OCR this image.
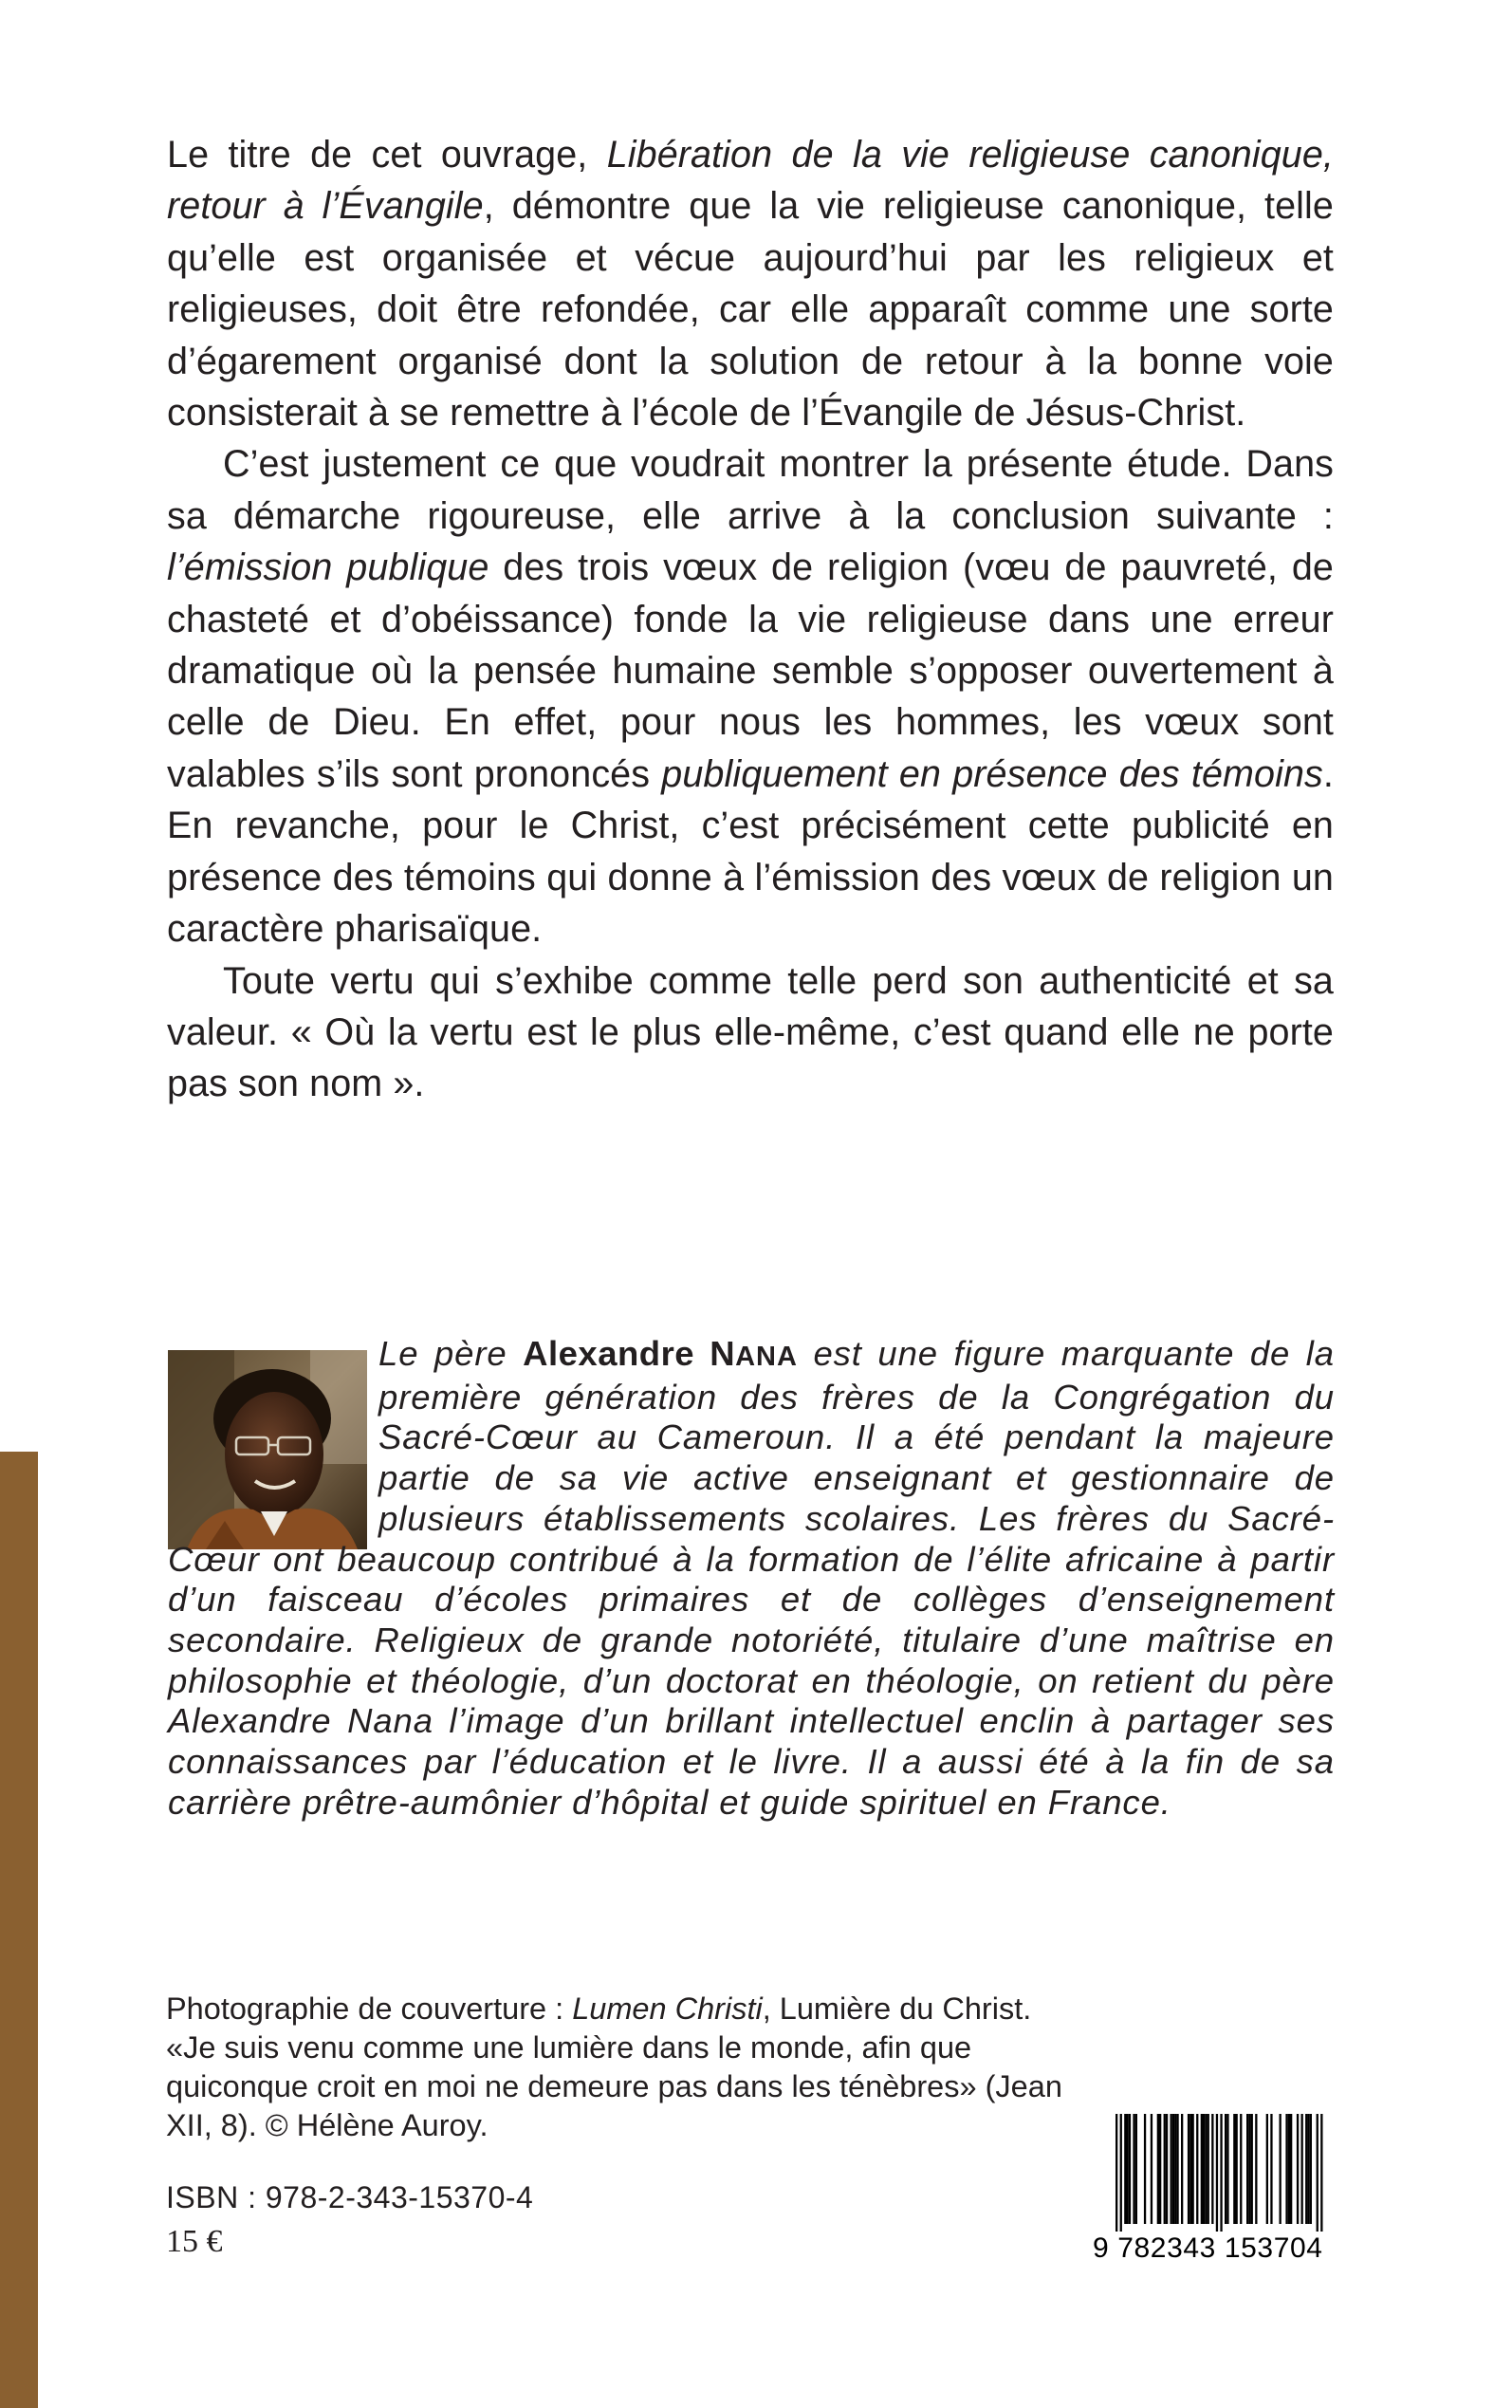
Le titre de cet ouvrage, Libération de la vie religieuse canonique, retour à l’Évangile, démontre que la vie religieuse canonique, telle qu’elle est organisée et vécue aujourd’hui par les religieux et religieuses, doit être refondée, car elle apparaît comme une sorte d’égarement organisé dont la solution de retour à la bonne voie consisterait à se remettre à l’école de l’Évangile de Jésus-Christ.

C’est justement ce que voudrait montrer la présente étude. Dans sa démarche rigoureuse, elle arrive à la conclusion suivante : l’émission publique des trois vœux de religion (vœu de pauvreté, de chasteté et d’obéissance) fonde la vie religieuse dans une erreur dramatique où la pensée humaine semble s’opposer ouvertement à celle de Dieu. En effet, pour nous les hommes, les vœux sont valables s’ils sont prononcés publiquement en présence des témoins. En revanche, pour le Christ, c’est précisément cette publicité en présence des témoins qui donne à l’émission des vœux de religion un caractère pharisaïque.

Toute vertu qui s’exhibe comme telle perd son authenticité et sa valeur. « Où la vertu est le plus elle-même, c’est quand elle ne porte pas son nom ».

Le père Alexandre NANA est une figure marquante de la première génération des frères de la Congrégation du Sacré-Cœur au Cameroun. Il a été pendant la majeure partie de sa vie active enseignant et gestionnaire de plusieurs établissements scolaires. Les frères du Sacré-Cœur ont beaucoup contribué à la formation de l’élite africaine à partir d’un faisceau d’écoles primaires et de collèges d’enseignement secondaire. Religieux de grande notoriété, titulaire d’une maîtrise en philosophie et théologie, d’un doctorat en théologie, on retient du père Alexandre Nana l’image d’un brillant intellectuel enclin à partager ses connaissances par l’éducation et le livre. Il a aussi été à la fin de sa carrière prêtre-aumônier d’hôpital et guide spirituel en France.
Photographie de couverture : Lumen Christi, Lumière du Christ. «Je suis venu comme une lumière dans le monde, afin que quiconque croit en moi ne demeure pas dans les ténèbres» (Jean XII, 8). © Hélène Auroy.
ISBN : 978-2-343-15370-4
15 €	9 782343 153704
